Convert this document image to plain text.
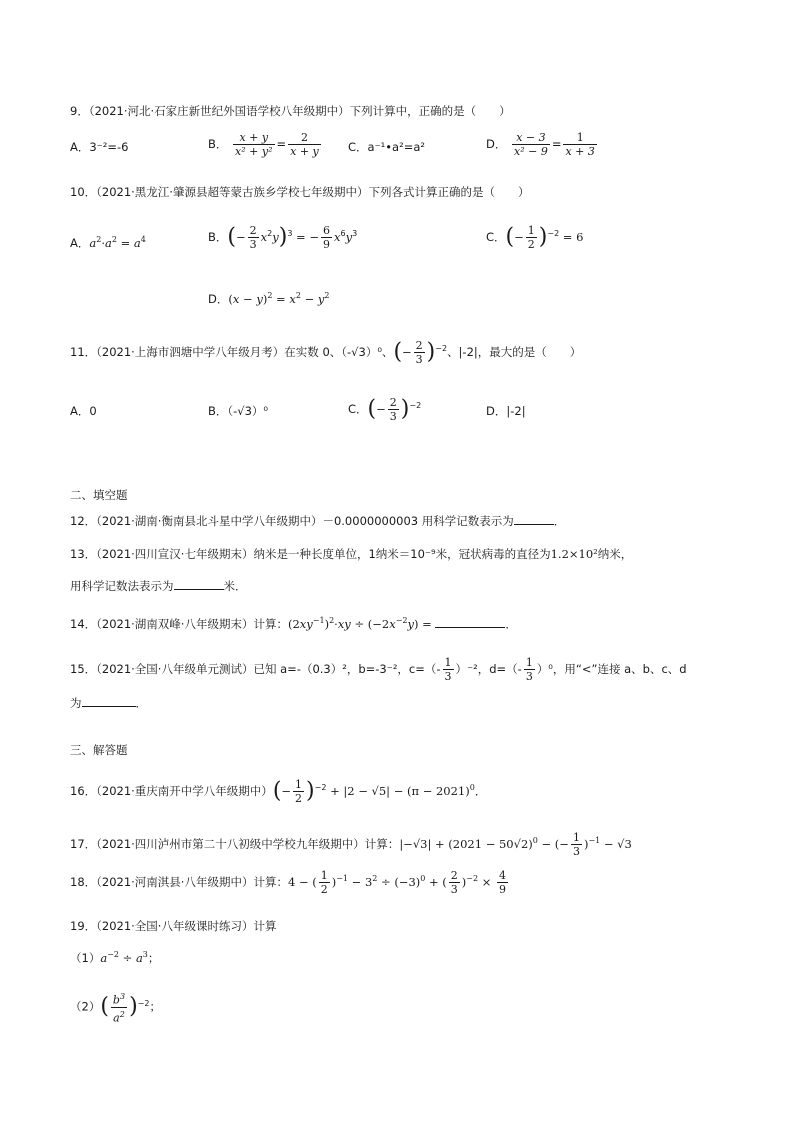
9．（2021·河北·石家庄新世纪外国语学校八年级期中）下列计算中，正确的是（　　）
A．3⁻²=-6	B． $\frac{x + y}{\text{x² + y²}} = \frac{2}{x + y}$ C．a⁻¹•a²=a²	D． $\frac{x - 3}{\text{x² − 9}} = \frac{1}{x + 3}$
10．（2021·黑龙江·肇源县超等蒙古族乡学校七年级期中）下列各式计算正确的是（　　）
A．$a^2\cdot a^2 = a^4$	B．(− $\frac{2}{3} x^2y)^3$ = − $\frac{6}{9} x^6y^3$	C．(− $\frac{1}{2} )^{-2} = 6$
D．$(x - y)^2 = x^2 - y^2$
11．（2021·上海市泗塘中学八年级月考）在实数 0、（-√3）⁰、(− $\frac{2}{3} )^{-2}$、|-2|，最大的是（　　）
A．0	B．（-√3）⁰	C．(− $\frac{2}{3} )^{-2}$	D．|-2|
二、填空题
12．（2021·湖南·衡南县北斗星中学八年级期中）－0.0000000003 用科学记数表示为	．
13．（2021·四川宣汉·七年级期末）纳米是一种长度单位，1纳米＝10⁻⁹米，冠状病毒的直径为1.2×10²纳米，
用科学记数法表示为	米．
14．（2021·湖南双峰·八年级期末）计算：$(2xy^{-1})^2\cdot xy \div (-2x^{-2}y)$ =	．
15．（2021·全国·八年级单元测试）已知 a=-（0.3）²，b=-3⁻²，$c=(- \frac{1}{3} )^{-2}$，$d=(- \frac{1}{3} )^0$，用“<”连接 a、b、c、d
为	．
三、解答题
16．（2021·重庆南开中学八年级期中）(− $\frac{1}{2} )^{-2} + |2 - √5| - (\pi - 2021)^0$．
17．（2021·四川泸州市第二十八初级中学校九年级期中）计算：$|-√3| + (2021 - 50√2)^0$ − (− $\frac{1}{3} )^{-1} - √3$
18．（2021·河南淇县·八年级期中）计算：4 − ( $\frac{1}{2} )^{-1} - 3^2 \div (-3)^0$ + ( $\frac{2}{3} )^{-2} \times \frac{4}{9}$
19．（2021·全国·八年级课时练习）计算
$(1)a^{-2} \div a^3$；
$(2)( \frac{b^3}{a^2} )^{-2}$；
